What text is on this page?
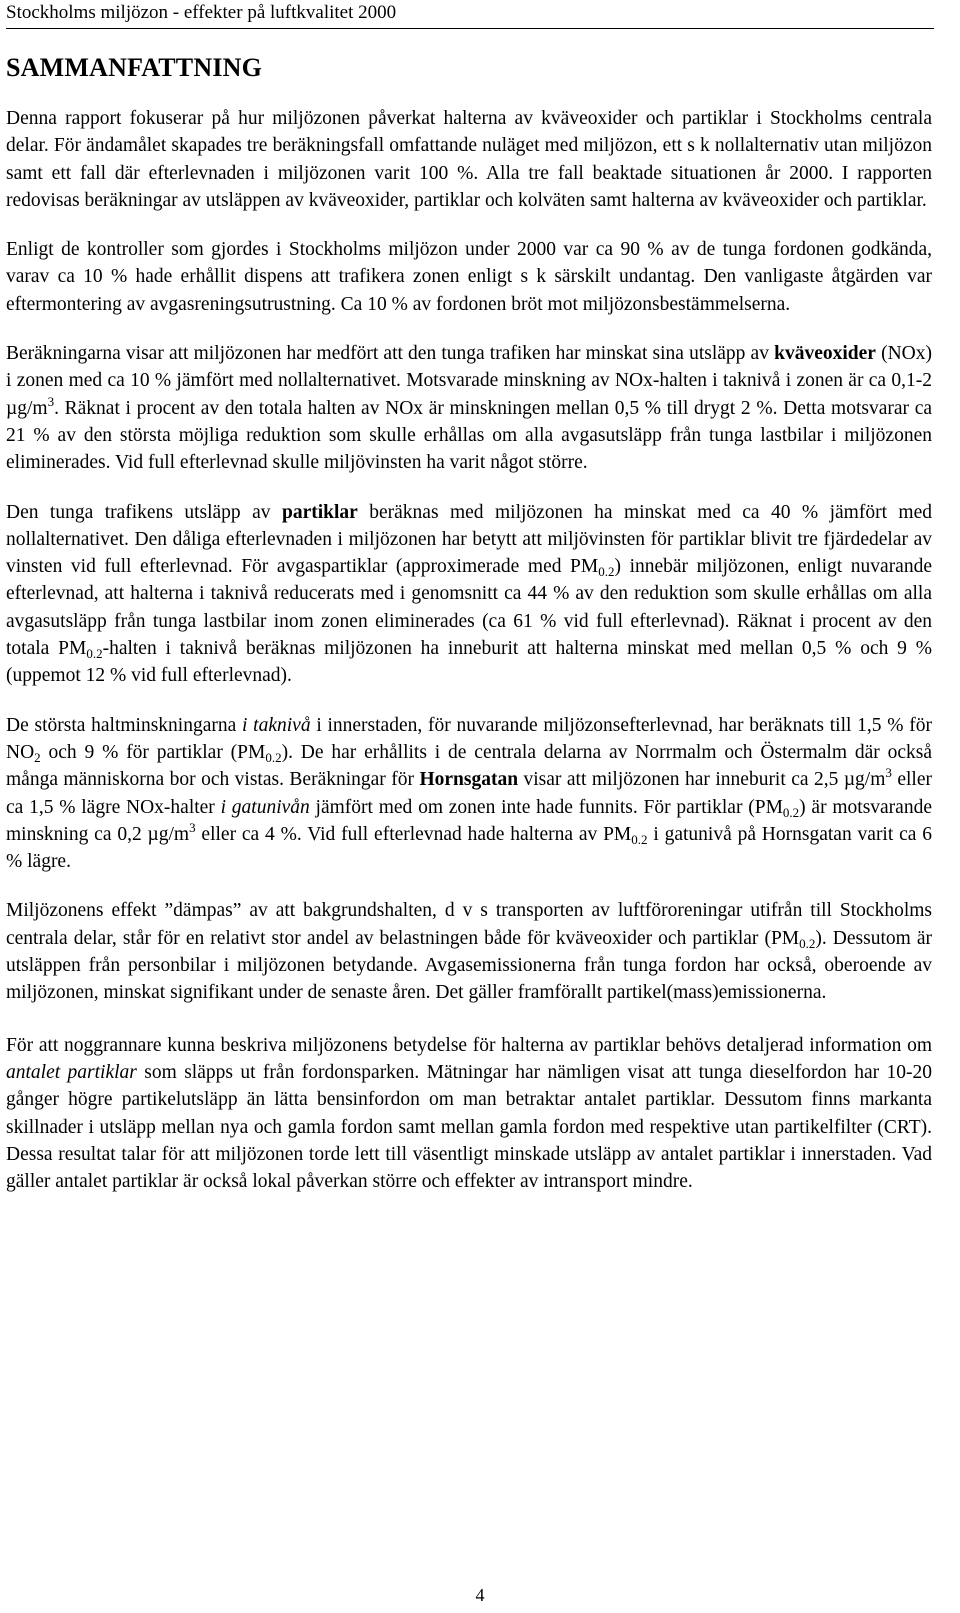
Stockholms miljözon - effekter på luftkvalitet 2000
SAMMANFATTNING

Denna rapport fokuserar på hur miljözonen påverkat halterna av kväveoxider och partiklar i Stockholms centrala delar. För ändamålet skapades tre beräkningsfall omfattande nuläget med miljözon, ett s k nollalternativ utan miljözon samt ett fall där efterlevnaden i miljözonen varit 100 %. Alla tre fall beaktade situationen år 2000. I rapporten redovisas beräkningar av utsläppen av kväveoxider, partiklar och kolväten samt halterna av kväveoxider och partiklar.

Enligt de kontroller som gjordes i Stockholms miljözon under 2000 var ca 90 % av de tunga fordonen godkända, varav ca 10 % hade erhållit dispens att trafikera zonen enligt s k särskilt undantag. Den vanligaste åtgärden var eftermontering av avgasreningsutrustning. Ca 10 % av fordonen bröt mot miljözonsbestämmelserna.

Beräkningarna visar att miljözonen har medfört att den tunga trafiken har minskat sina utsläpp av kväveoxider (NOx) i zonen med ca 10 % jämfört med nollalternativet. Motsvarade minskning av NOx-halten i taknivå i zonen är ca 0,1-2 $\mu g/m^3$. Räknat i procent av den totala halten av NOx är minskningen mellan 0,5 % till drygt 2 %. Detta motsvarar ca 21 % av den största möjliga reduktion som skulle erhållas om alla avgasutsläpp från tunga lastbilar i miljözonen eliminerades. Vid full efterlevnad skulle miljövinsten ha varit något större.

Den tunga trafikens utsläpp av partiklar beräknas med miljözonen ha minskat med ca 40 % jämfört med nollalternativet. Den dåliga efterlevnaden i miljözonen har betytt att miljövinsten för partiklar blivit tre fjärdedelar av vinsten vid full efterlevnad. För avgaspartiklar (approximerade med $PM_{0.2}$) innebär miljözonen, enligt nuvarande efterlevnad, att halterna i taknivå reducerats med i genomsnitt ca 44 % av den reduktion som skulle erhållas om alla avgasutsläpp från tunga lastbilar inom zonen eliminerades (ca 61 % vid full efterlevnad). Räknat i procent av den totala $PM_{0.2}$-halten i taknivå beräknas miljözonen ha inneburit att halterna minskat med mellan 0,5 % och 9 % (uppemot 12 % vid full efterlevnad).

De största haltminskningarna i taknivå i innerstaden, för nuvarande miljözonsefterlevnad, har beräknats till 1,5 % för $NO_2$ och 9 % för partiklar $(PM_{0.2})$. De har erhållits i de centrala delarna av Norrmalm och Östermalm där också många människorna bor och vistas. Beräkningar för Hornsgatan visar att miljözonen har inneburit ca 2,5 $\mu g/m^3$ eller ca 1,5 % lägre NOx-halter i gatunivån jämfört med om zonen inte hade funnits. För partiklar $(PM_{0.2})$ är motsvarande minskning ca 0,2 $\mu g/m^3$ eller ca 4 %. Vid full efterlevnad hade halterna av $PM_{0.2}$ i gatunivå på Hornsgatan varit ca 6 % lägre.

Miljözonens effekt ”dämpas” av att bakgrundshalten, d v s transporten av luftföroreningar utifrån till Stockholms centrala delar, står för en relativt stor andel av belastningen både för kväveoxider och partiklar $(PM_{0.2})$. Dessutom är utsläppen från personbilar i miljözonen betydande. Avgasemissionerna från tunga fordon har också, oberoende av miljözonen, minskat signifikant under de senaste åren. Det gäller framförallt partikel(mass)emissionerna.

För att noggrannare kunna beskriva miljözonens betydelse för halterna av partiklar behövs detaljerad information om antalet partiklar som släpps ut från fordonsparken. Mätningar har nämligen visat att tunga dieselfordon har 10-20 gånger högre partikelutsläpp än lätta bensinfordon om man betraktar antalet partiklar. Dessutom finns markanta skillnader i utsläpp mellan nya och gamla fordon samt mellan gamla fordon med respektive utan partikelfilter (CRT). Dessa resultat talar för att miljözonen torde lett till väsentligt minskade utsläpp av antalet partiklar i innerstaden. Vad gäller antalet partiklar är också lokal påverkan större och effekter av intransport mindre.

4
